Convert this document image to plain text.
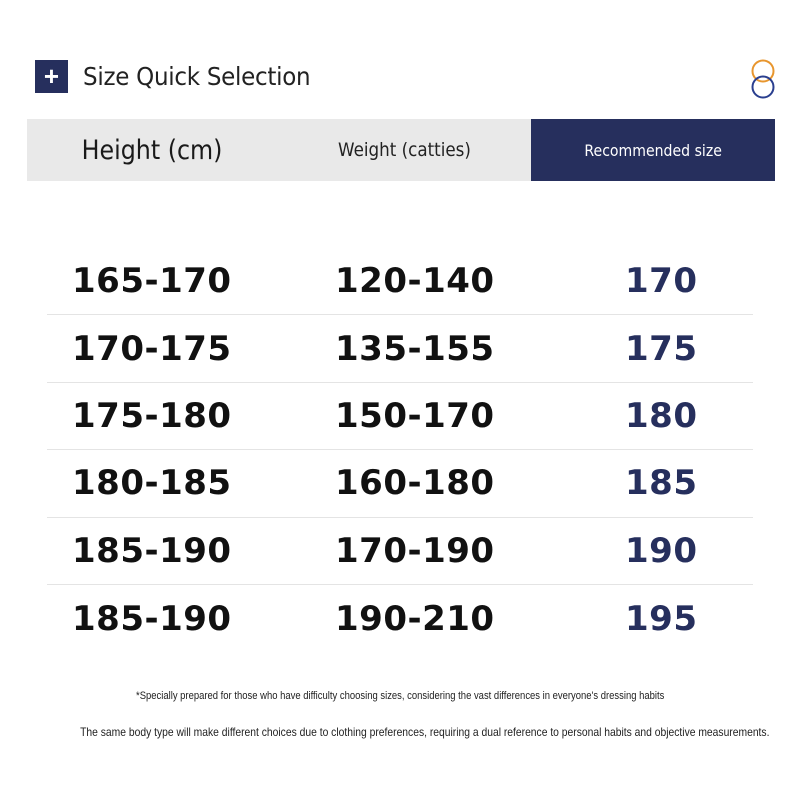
+ Size Quick Selection
Height (cm)	Weight (catties)	Recommended size
165-170	120-140	170
170-175	135-155	175
175-180	150-170	180
180-185	160-180	185
185-190	170-190	190
185-190	190-210	195
*Specially prepared for those who have difficulty choosing sizes, considering the vast differences in everyone's dressing habits
The same body type will make different choices due to clothing preferences, requiring a dual reference to personal habits and objective measurements.
